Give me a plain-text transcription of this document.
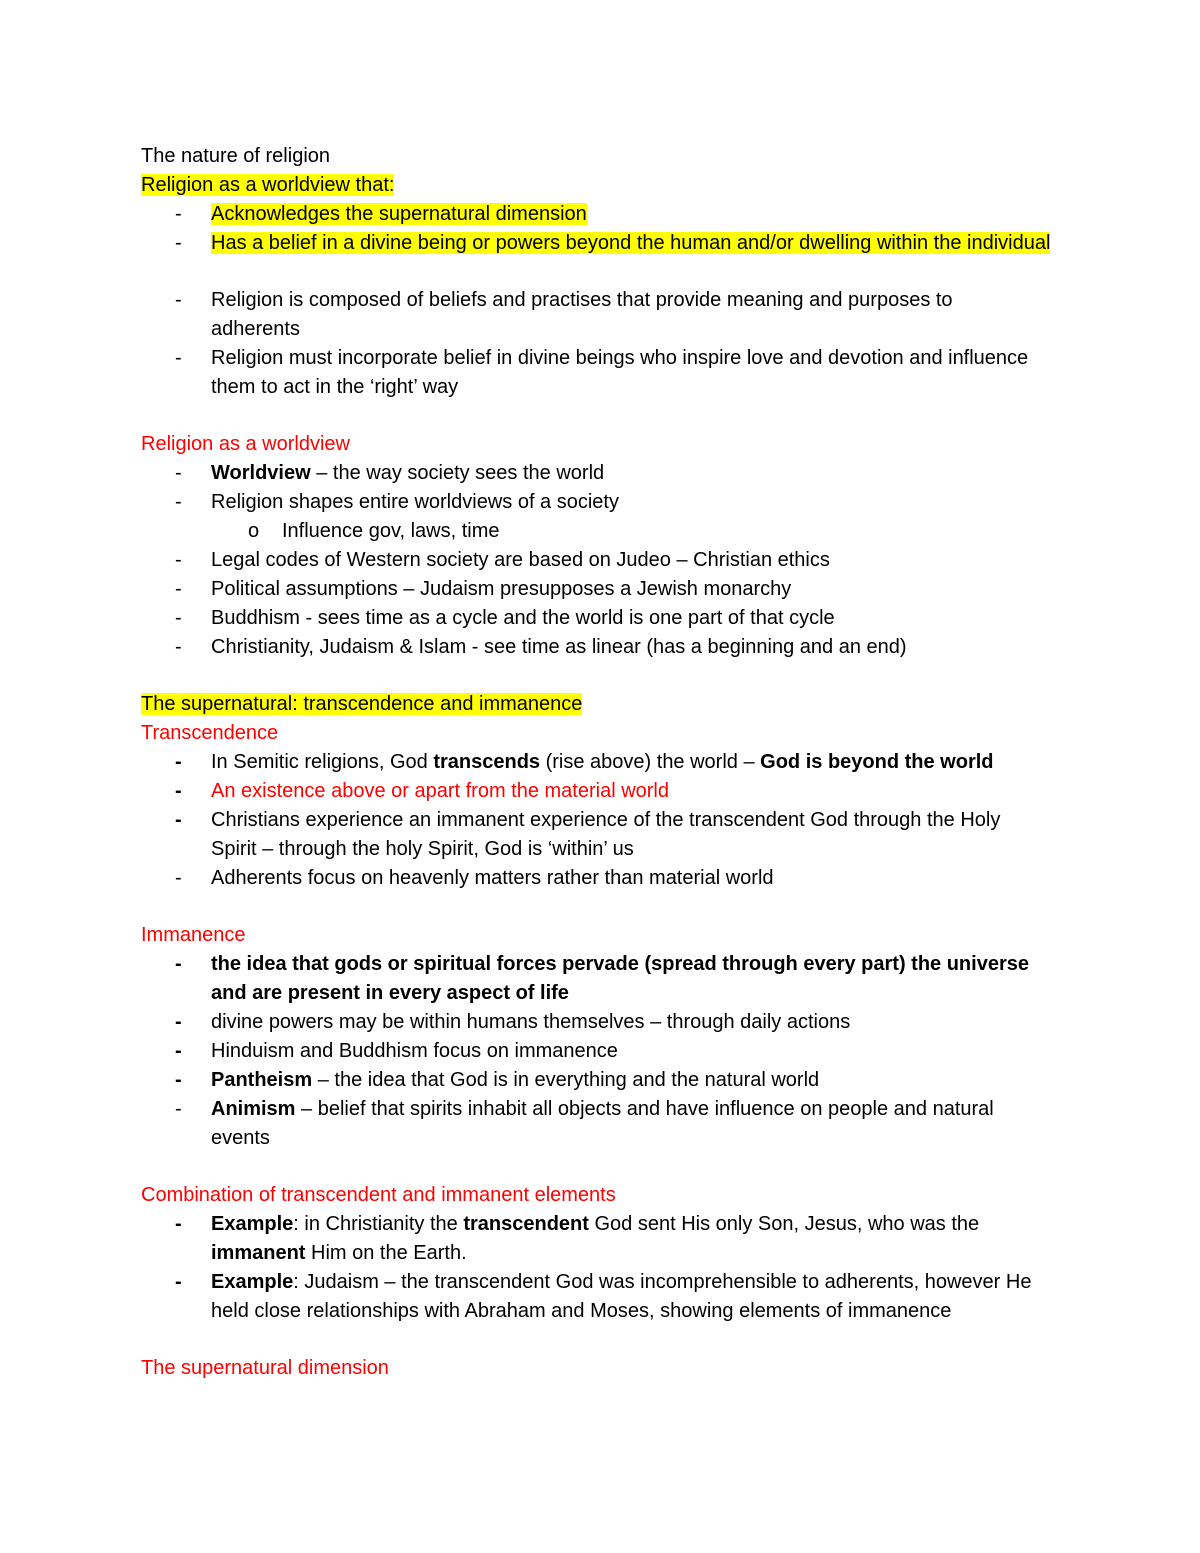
The nature of religion
Religion as a worldview that:
-	Acknowledges the supernatural dimension
-	Has a belief in a divine being or powers beyond the human and/or dwelling within the individual
-	Religion is composed of beliefs and practises that provide meaning and purposes to adherents
-	Religion must incorporate belief in divine beings who inspire love and devotion and influence them to act in the ‘right’ way
Religion as a worldview
-	Worldview – the way society sees the world
-	Religion shapes entire worldviews of a society
o Influence gov, laws, time
-	Legal codes of Western society are based on Judeo – Christian ethics
-	Political assumptions – Judaism presupposes a Jewish monarchy
-	Buddhism - sees time as a cycle and the world is one part of that cycle
-	Christianity, Judaism & Islam - see time as linear (has a beginning and an end)
The supernatural: transcendence and immanence
Transcendence
-	In Semitic religions, God transcends (rise above) the world – God is beyond the world
-	An existence above or apart from the material world
-	Christians experience an immanent experience of the transcendent God through the Holy Spirit – through the holy Spirit, God is ‘within’ us
-	Adherents focus on heavenly matters rather than material world
Immanence
-	the idea that gods or spiritual forces pervade (spread through every part) the universe and are present in every aspect of life
-	divine powers may be within humans themselves – through daily actions
-	Hinduism and Buddhism focus on immanence
-	Pantheism – the idea that God is in everything and the natural world
-	Animism – belief that spirits inhabit all objects and have influence on people and natural events
Combination of transcendent and immanent elements
-	Example: in Christianity the transcendent God sent His only Son, Jesus, who was the immanent Him on the Earth.
-	Example: Judaism – the transcendent God was incomprehensible to adherents, however He held close relationships with Abraham and Moses, showing elements of immanence
The supernatural dimension
